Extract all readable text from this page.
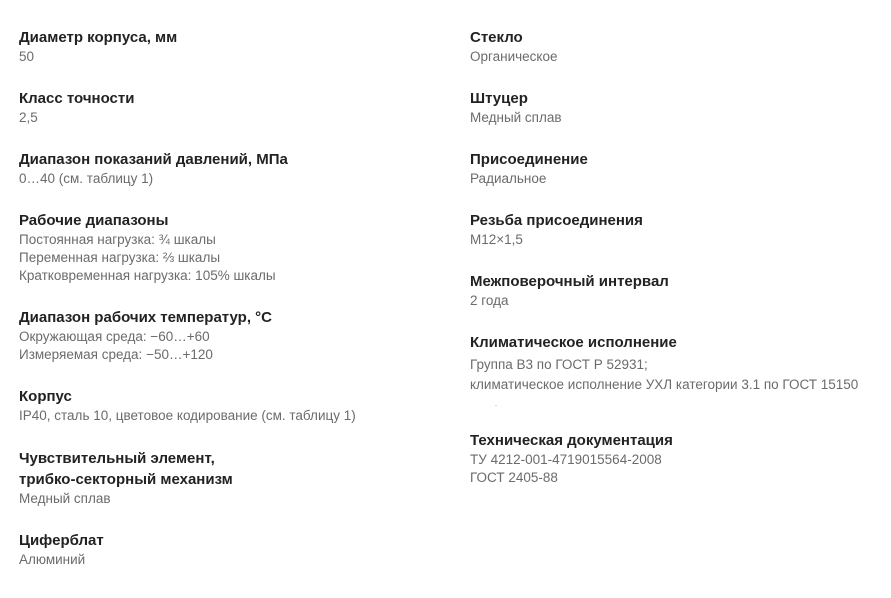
Диаметр корпуса, мм
50
Класс точности
2,5
Диапазон показаний давлений, МПа
0…40 (см. таблицу 1)
Рабочие диапазоны
Постоянная нагрузка: ¾ шкалы
Переменная нагрузка: ⅔ шкалы
Кратковременная нагрузка: 105% шкалы
Диапазон рабочих температур, °C
Окружающая среда: −60…+60
Измеряемая среда: −50…+120
Корпус
IP40, сталь 10, цветовое кодирование (см. таблицу 1)
Чувствительный элемент,
трибко-секторный механизм
Медный сплав
Циферблат
Алюминий
Стекло
Органическое
Штуцер
Медный сплав
Присоединение
Радиальное
Резьба присоединения
М12×1,5
Межповерочный интервал
2 года
Климатическое исполнение
Группа В3 по ГОСТ Р 52931;
климатическое исполнение УХЛ категории 3.1 по ГОСТ 15150
Техническая документация
ТУ 4212-001-4719015564-2008
ГОСТ 2405-88
